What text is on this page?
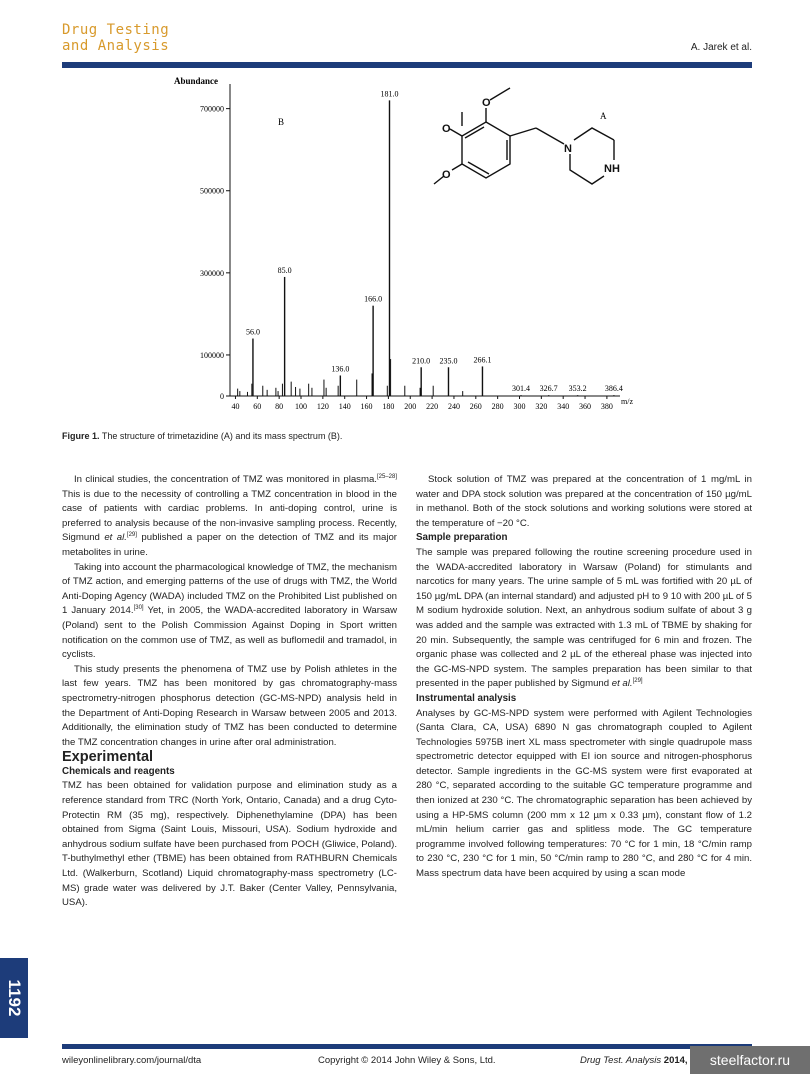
Drug Testing
and Analysis	A. Jarek et al.
Abundance
B
m/z
0
100000
300000
500000
700000
40 60 80 100 120 140 160 180 200 220 240 260 280 300 320 340 360 380
56.0
85.0
136.0
166.0
181.0
210.0 235.0 266.1
301.4 326.7 353.2 386.4
O
O
O
N
NH
A
Figure 1. The structure of trimetazidine (A) and its mass spectrum (B).

In clinical studies, the concentration of TMZ was monitored in plasma.[25–28] This is due to the necessity of controlling a TMZ concentration in blood in the case of patients with cardiac problems. In anti-doping control, urine is preferred to analysis because of the non-invasive sampling process. Recently, Sigmund et al.[29] published a paper on the detection of TMZ and its major metabolites in urine.

Taking into account the pharmacological knowledge of TMZ, the mechanism of TMZ action, and emerging patterns of the use of drugs with TMZ, the World Anti-Doping Agency (WADA) included TMZ on the Prohibited List published on 1 January 2014.[30] Yet, in 2005, the WADA-accredited laboratory in Warsaw (Poland) sent to the Polish Commission Against Doping in Sport written notification on the common use of TMZ, as well as buflomedil and tramadol, in cyclists.

This study presents the phenomena of TMZ use by Polish athletes in the last few years. TMZ has been monitored by gas chromatography-mass spectrometry-nitrogen phosphorus detection (GC-MS-NPD) analysis held in the Department of Anti-Doping Research in Warsaw between 2005 and 2013. Additionally, the elimination study of TMZ has been conducted to determine the TMZ concentration changes in urine after oral administration.

Experimental

Chemicals and reagents

TMZ has been obtained for validation purpose and elimination study as a reference standard from TRC (North York, Ontario, Canada) and a drug Cyto-Protectin RM (35 mg), respectively. Diphenethylamine (DPA) has been obtained from Sigma (Saint Louis, Missouri, USA). Sodium hydroxide and anhydrous sodium sulfate have been purchased from POCH (Gliwice, Poland). T-buthylmethyl ether (TBME) has been obtained from RATHBURN Chemicals Ltd. (Walkerburn, Scotland) Liquid chromatography-mass spectrometry (LC-MS) grade water was delivered by J.T. Baker (Center Valley, Pennsylvania, USA).

Stock solution of TMZ was prepared at the concentration of 1 mg/mL in water and DPA stock solution was prepared at the concentration of 150 µg/mL in methanol. Both of the stock solutions and working solutions were stored at the temperature of −20 °C.

Sample preparation

The sample was prepared following the routine screening procedure used in the WADA-accredited laboratory in Warsaw (Poland) for stimulants and narcotics for many years. The urine sample of 5 mL was fortified with 20 µL of 150 µg/mL DPA (an internal standard) and adjusted pH to 9 10 with 200 µL of 5 M sodium hydroxide solution. Next, an anhydrous sodium sulfate of about 3 g was added and the sample was extracted with 1.3 mL of TBME by shaking for 20 min. Subsequently, the sample was centrifuged for 6 min and frozen. The organic phase was collected and 2 µL of the ethereal phase was injected into the GC-MS-NPD system. The samples preparation has been similar to that presented in the paper published by Sigmund et al.[29]

Instrumental analysis

Analyses by GC-MS-NPD system were performed with Agilent Technologies (Santa Clara, CA, USA) 6890 N gas chromatograph coupled to Agilent Technologies 5975B inert XL mass spectrometer with single quadrupole mass spectrometric detector equipped with EI ion source and nitrogen-phosphorus detector. Sample ingredients in the GC-MS system were first evaporated at 280 °C, separated according to the suitable GC temperature programme and then ionized at 230 °C. The chromatographic separation has been achieved by using a HP-5MS column (200 mm x 12 µm x 0.33 µm), constant flow of 1.2 mL/min helium carrier gas and splitless mode. The GC temperature programme involved following temperatures: 70 °C for 1 min, 18 °C/min ramp to 230 °C, 230 °C for 1 min, 50 °C/min ramp to 280 °C, and 280 °C for 4 min. Mass spectrum data have been acquired by using a scan mode

1192
wileyonlinelibrary.com/journal/dta	Copyright © 2014 John Wiley & Sons, Ltd.	Drug Test. Analysis 2014,	steelfactor.ru
